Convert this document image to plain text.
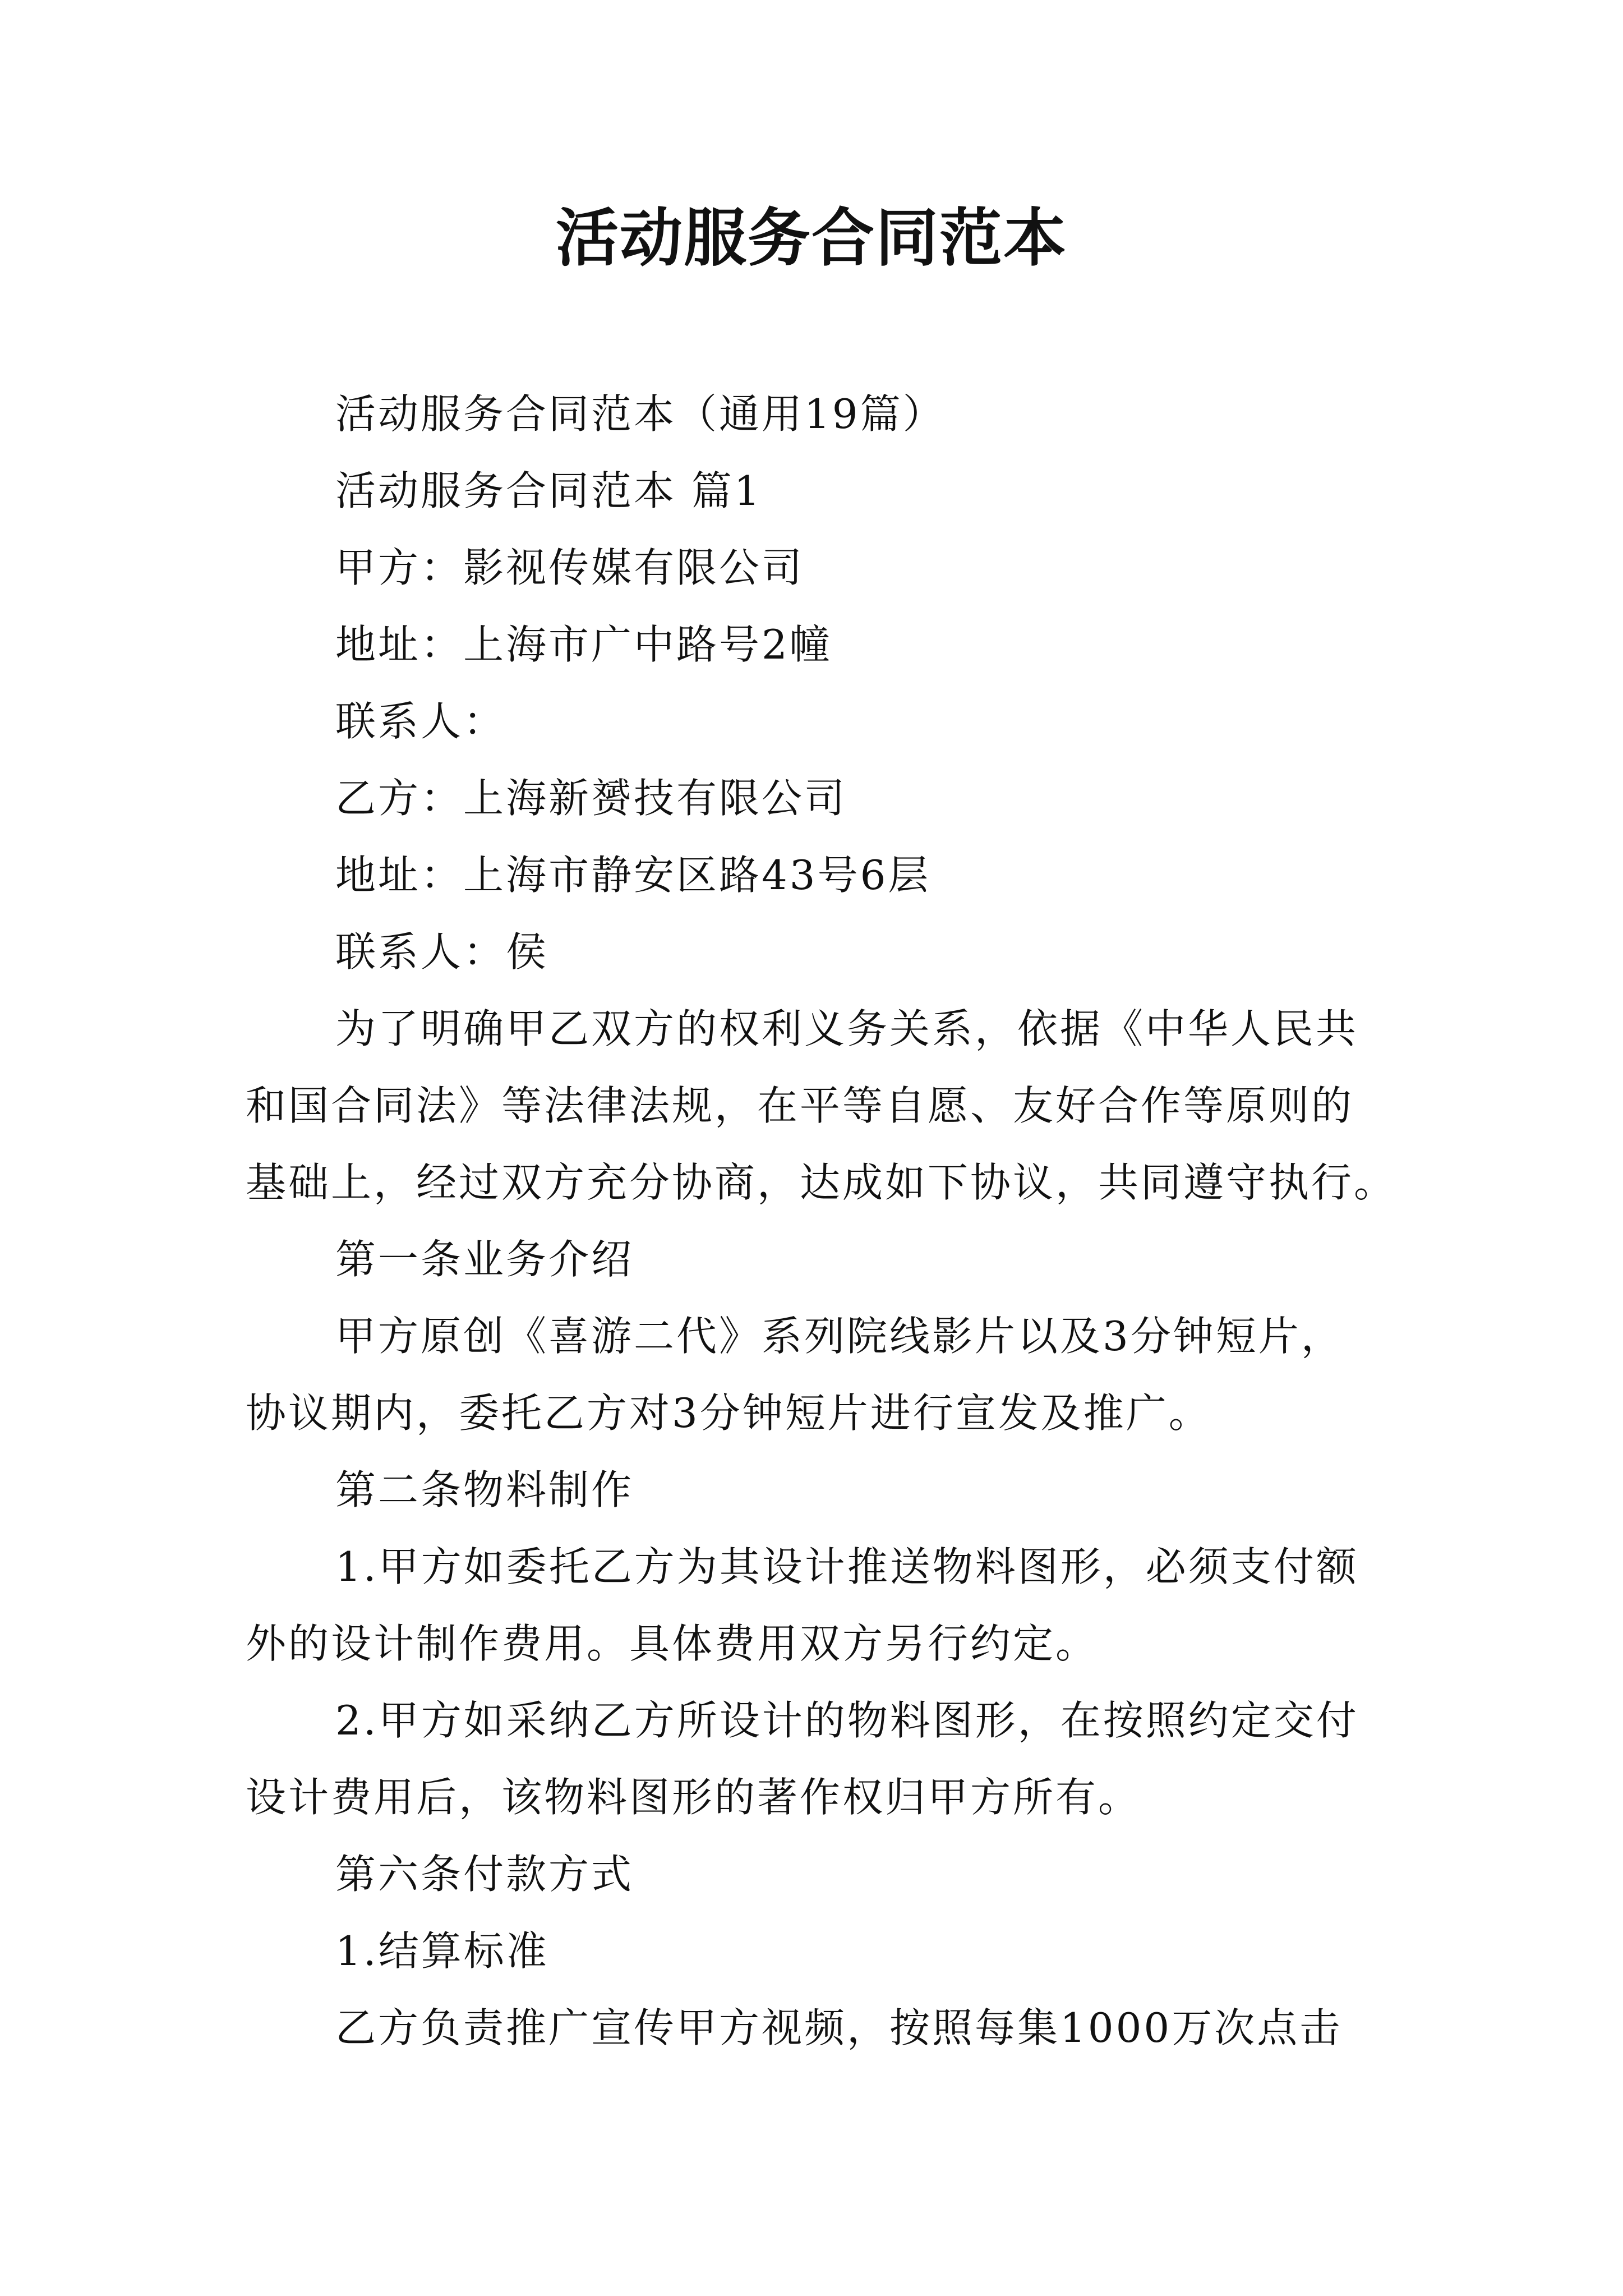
活动服务合同范本
活动服务合同范本（通用19篇）
活动服务合同范本 篇1
甲方：影视传媒有限公司
地址：上海市广中路号2幢
联系人：
乙方：上海新赟技有限公司
地址：上海市静安区路43号6层
联系人：侯
为了明确甲乙双方的权利义务关系，依据《中华人民共
和国合同法》等法律法规，在平等自愿、友好合作等原则的
基础上，经过双方充分协商，达成如下协议，共同遵守执行。
第一条业务介绍
甲方原创《喜游二代》系列院线影片以及3分钟短片，
协议期内，委托乙方对3分钟短片进行宣发及推广。
第二条物料制作
1.甲方如委托乙方为其设计推送物料图形，必须支付额
外的设计制作费用。具体费用双方另行约定。
2.甲方如采纳乙方所设计的物料图形，在按照约定交付
设计费用后，该物料图形的著作权归甲方所有。
第六条付款方式
1.结算标准
乙方负责推广宣传甲方视频，按照每集1000万次点击
